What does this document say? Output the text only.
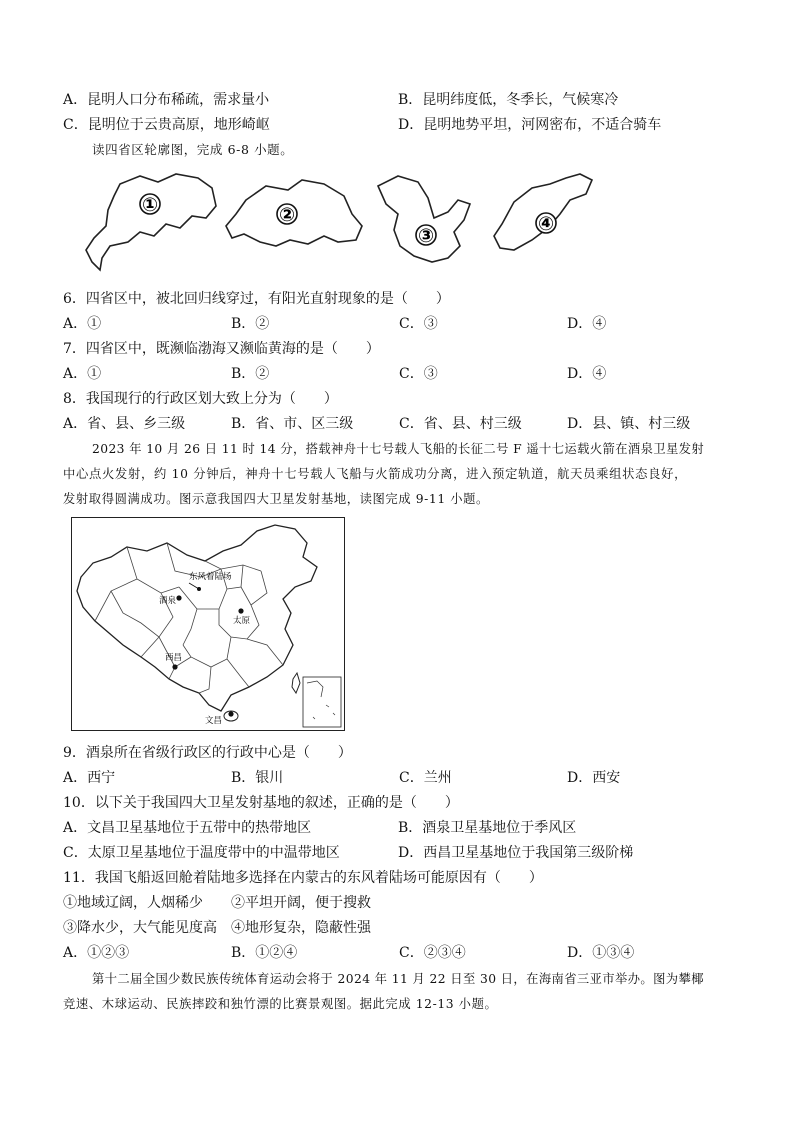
A．昆明人口分布稀疏，需求量小	B．昆明纬度低，冬季长，气候寒冷
C．昆明位于云贵高原，地形崎岖	D．昆明地势平坦，河网密布，不适合骑车
读四省区轮廓图，完成 6-8 小题。
①	②
③
④
6．四省区中，被北回归线穿过，有阳光直射现象的是（　　）
A．①	B．②	C．③	D．④
7．四省区中，既濒临渤海又濒临黄海的是（　　）
A．①	B．②	C．③	D．④
8．我国现行的行政区划大致上分为（　　）
A．省、县、乡三级	B．省、市、区三级	C．省、县、村三级	D．县、镇、村三级
2023 年 10 月 26 日 11 时 14 分，搭载神舟十七号载人飞船的长征二号 F 遥十七运载火箭在酒泉卫星发射
中心点火发射，约 10 分钟后，神舟十七号载人飞船与火箭成功分离，进入预定轨道，航天员乘组状态良好，
发射取得圆满成功。图示意我国四大卫星发射基地，读图完成 9-11 小题。
东风着陆场
酒泉
太原
西昌
文昌
9．酒泉所在省级行政区的行政中心是（　　）
A．西宁	B．银川	C．兰州	D．西安
10．以下关于我国四大卫星发射基地的叙述，正确的是（　　）
A．文昌卫星基地位于五带中的热带地区	B．酒泉卫星基地位于季风区
C．太原卫星基地位于温度带中的中温带地区	D．西昌卫星基地位于我国第三级阶梯
11．我国飞船返回舱着陆地多选择在内蒙古的东风着陆场可能原因有（　　）
①地域辽阔，人烟稀少 ②平坦开阔，便于搜救
③降水少，大气能见度高 ④地形复杂，隐蔽性强
A．①②③	B．①②④	C．②③④	D．①③④
第十二届全国少数民族传统体育运动会将于 2024 年 11 月 22 日至 30 日，在海南省三亚市举办。图为攀椰
竞速、木球运动、民族摔跤和独竹漂的比赛景观图。据此完成 12-13 小题。
